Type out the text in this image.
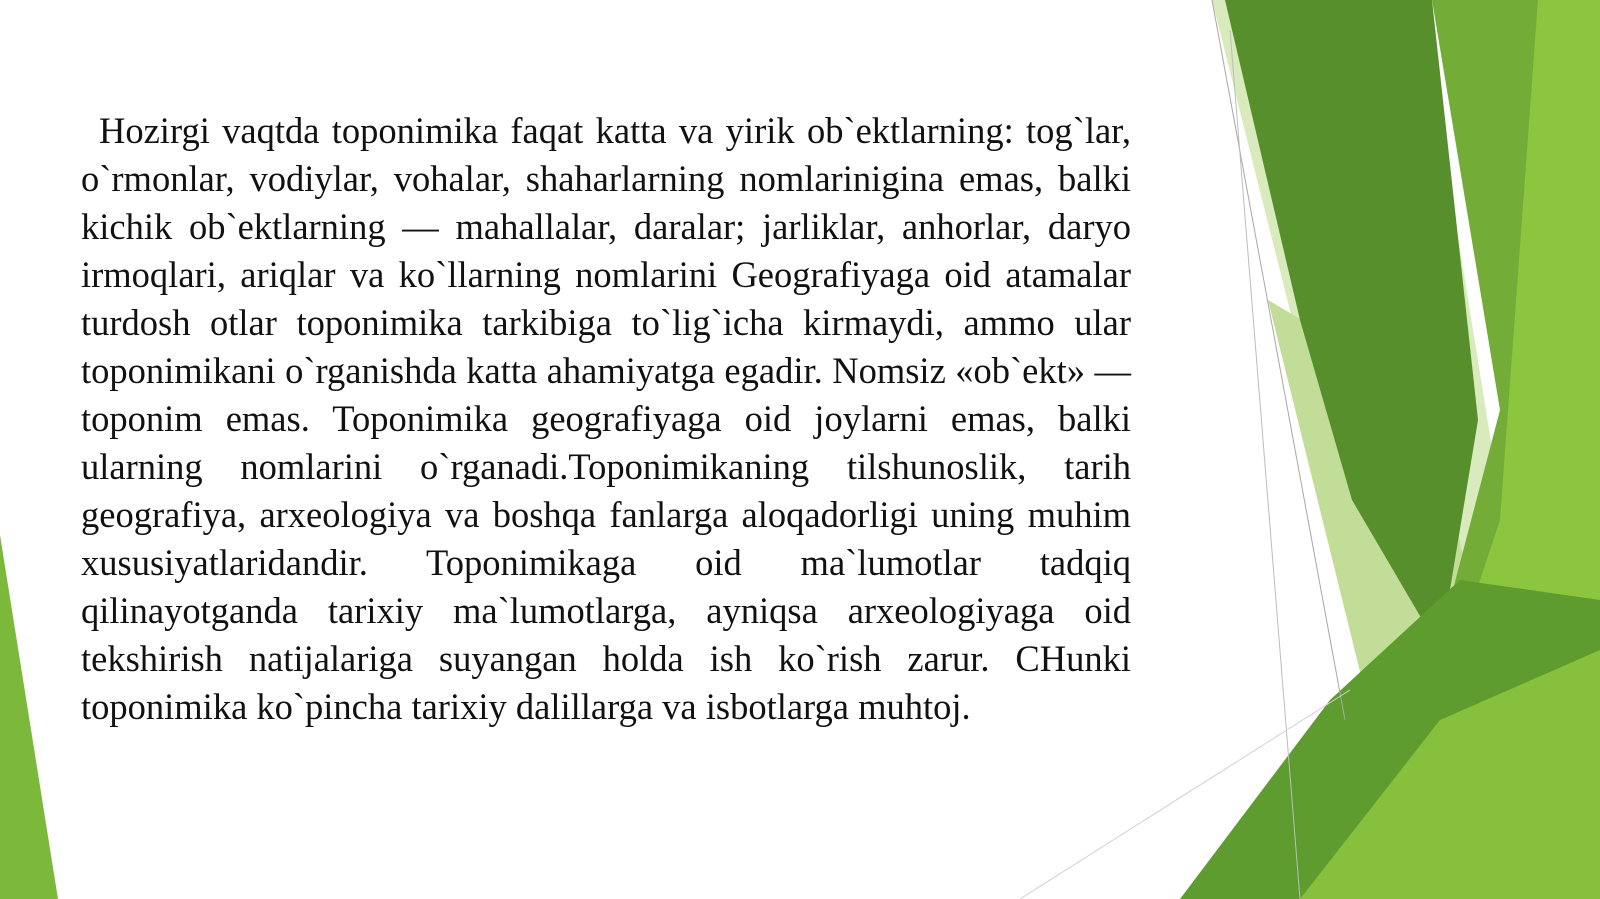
Hozirgi vaqtda toponimika faqat katta va yirik ob`ektlarning: tog`lar, o`rmonlar, vodiylar, vohalar, shaharlarning nomlarinigina emas, balki kichik ob`ektlarning — mahallalar, daralar; jarliklar, anhorlar, daryo irmoqlari, ariqlar va ko`llarning nomlarini Geografiyaga oid atamalar turdosh otlar toponimika tarkibiga to`lig`icha kirmaydi, ammo ular toponimikani o`rganishda katta ahamiyatga egadir. Nomsiz «ob`ekt» — toponim emas. Toponimika geografiyaga oid joylarni emas, balki ularning nomlarini o`rganadi.Toponimikaning tilshunoslik, tarih geografiya, arxeologiya va boshqa fanlarga aloqadorligi uning muhim xususiyatlaridandir. Toponimikaga oid ma`lumotlar tadqiq qilinayotganda tarixiy ma`lumotlarga, ayniqsa arxeologiyaga oid tekshirish natijalariga suyangan holda ish ko`rish zarur. CHunki toponimika ko`pincha tarixiy dalillarga va isbotlarga muhtoj.
